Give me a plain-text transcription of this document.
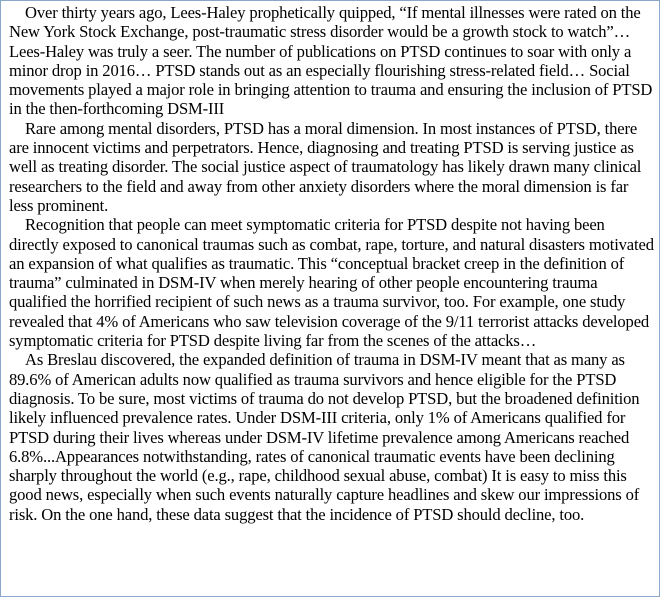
Over thirty years ago, Lees-Haley prophetically quipped, “If mental illnesses were rated on the New York Stock Exchange, post-traumatic stress disorder would be a growth stock to watch”… Lees-Haley was truly a seer. The number of publications on PTSD continues to soar with only a minor drop in 2016… PTSD stands out as an especially flourishing stress-related field… Social movements played a major role in bringing attention to trauma and ensuring the inclusion of PTSD in the then-forthcoming DSM-III

Rare among mental disorders, PTSD has a moral dimension. In most instances of PTSD, there are innocent victims and perpetrators. Hence, diagnosing and treating PTSD is serving justice as well as treating disorder. The social justice aspect of traumatology has likely drawn many clinical researchers to the field and away from other anxiety disorders where the moral dimension is far less prominent.

Recognition that people can meet symptomatic criteria for PTSD despite not having been directly exposed to canonical traumas such as combat, rape, torture, and natural disasters motivated an expansion of what qualifies as traumatic. This “conceptual bracket creep in the definition of trauma” culminated in DSM-IV when merely hearing of other people encountering trauma qualified the horrified recipient of such news as a trauma survivor, too. For example, one study revealed that 4% of Americans who saw television coverage of the 9/11 terrorist attacks developed symptomatic criteria for PTSD despite living far from the scenes of the attacks…

As Breslau discovered, the expanded definition of trauma in DSM-IV meant that as many as 89.6% of American adults now qualified as trauma survivors and hence eligible for the PTSD diagnosis. To be sure, most victims of trauma do not develop PTSD, but the broadened definition likely influenced prevalence rates. Under DSM-III criteria, only 1% of Americans qualified for PTSD during their lives whereas under DSM-IV lifetime prevalence among Americans reached 6.8%...Appearances notwithstanding, rates of canonical traumatic events have been declining sharply throughout the world (e.g., rape, childhood sexual abuse, combat) It is easy to miss this good news, especially when such events naturally capture headlines and skew our impressions of risk. On the one hand, these data suggest that the incidence of PTSD should decline, too.
